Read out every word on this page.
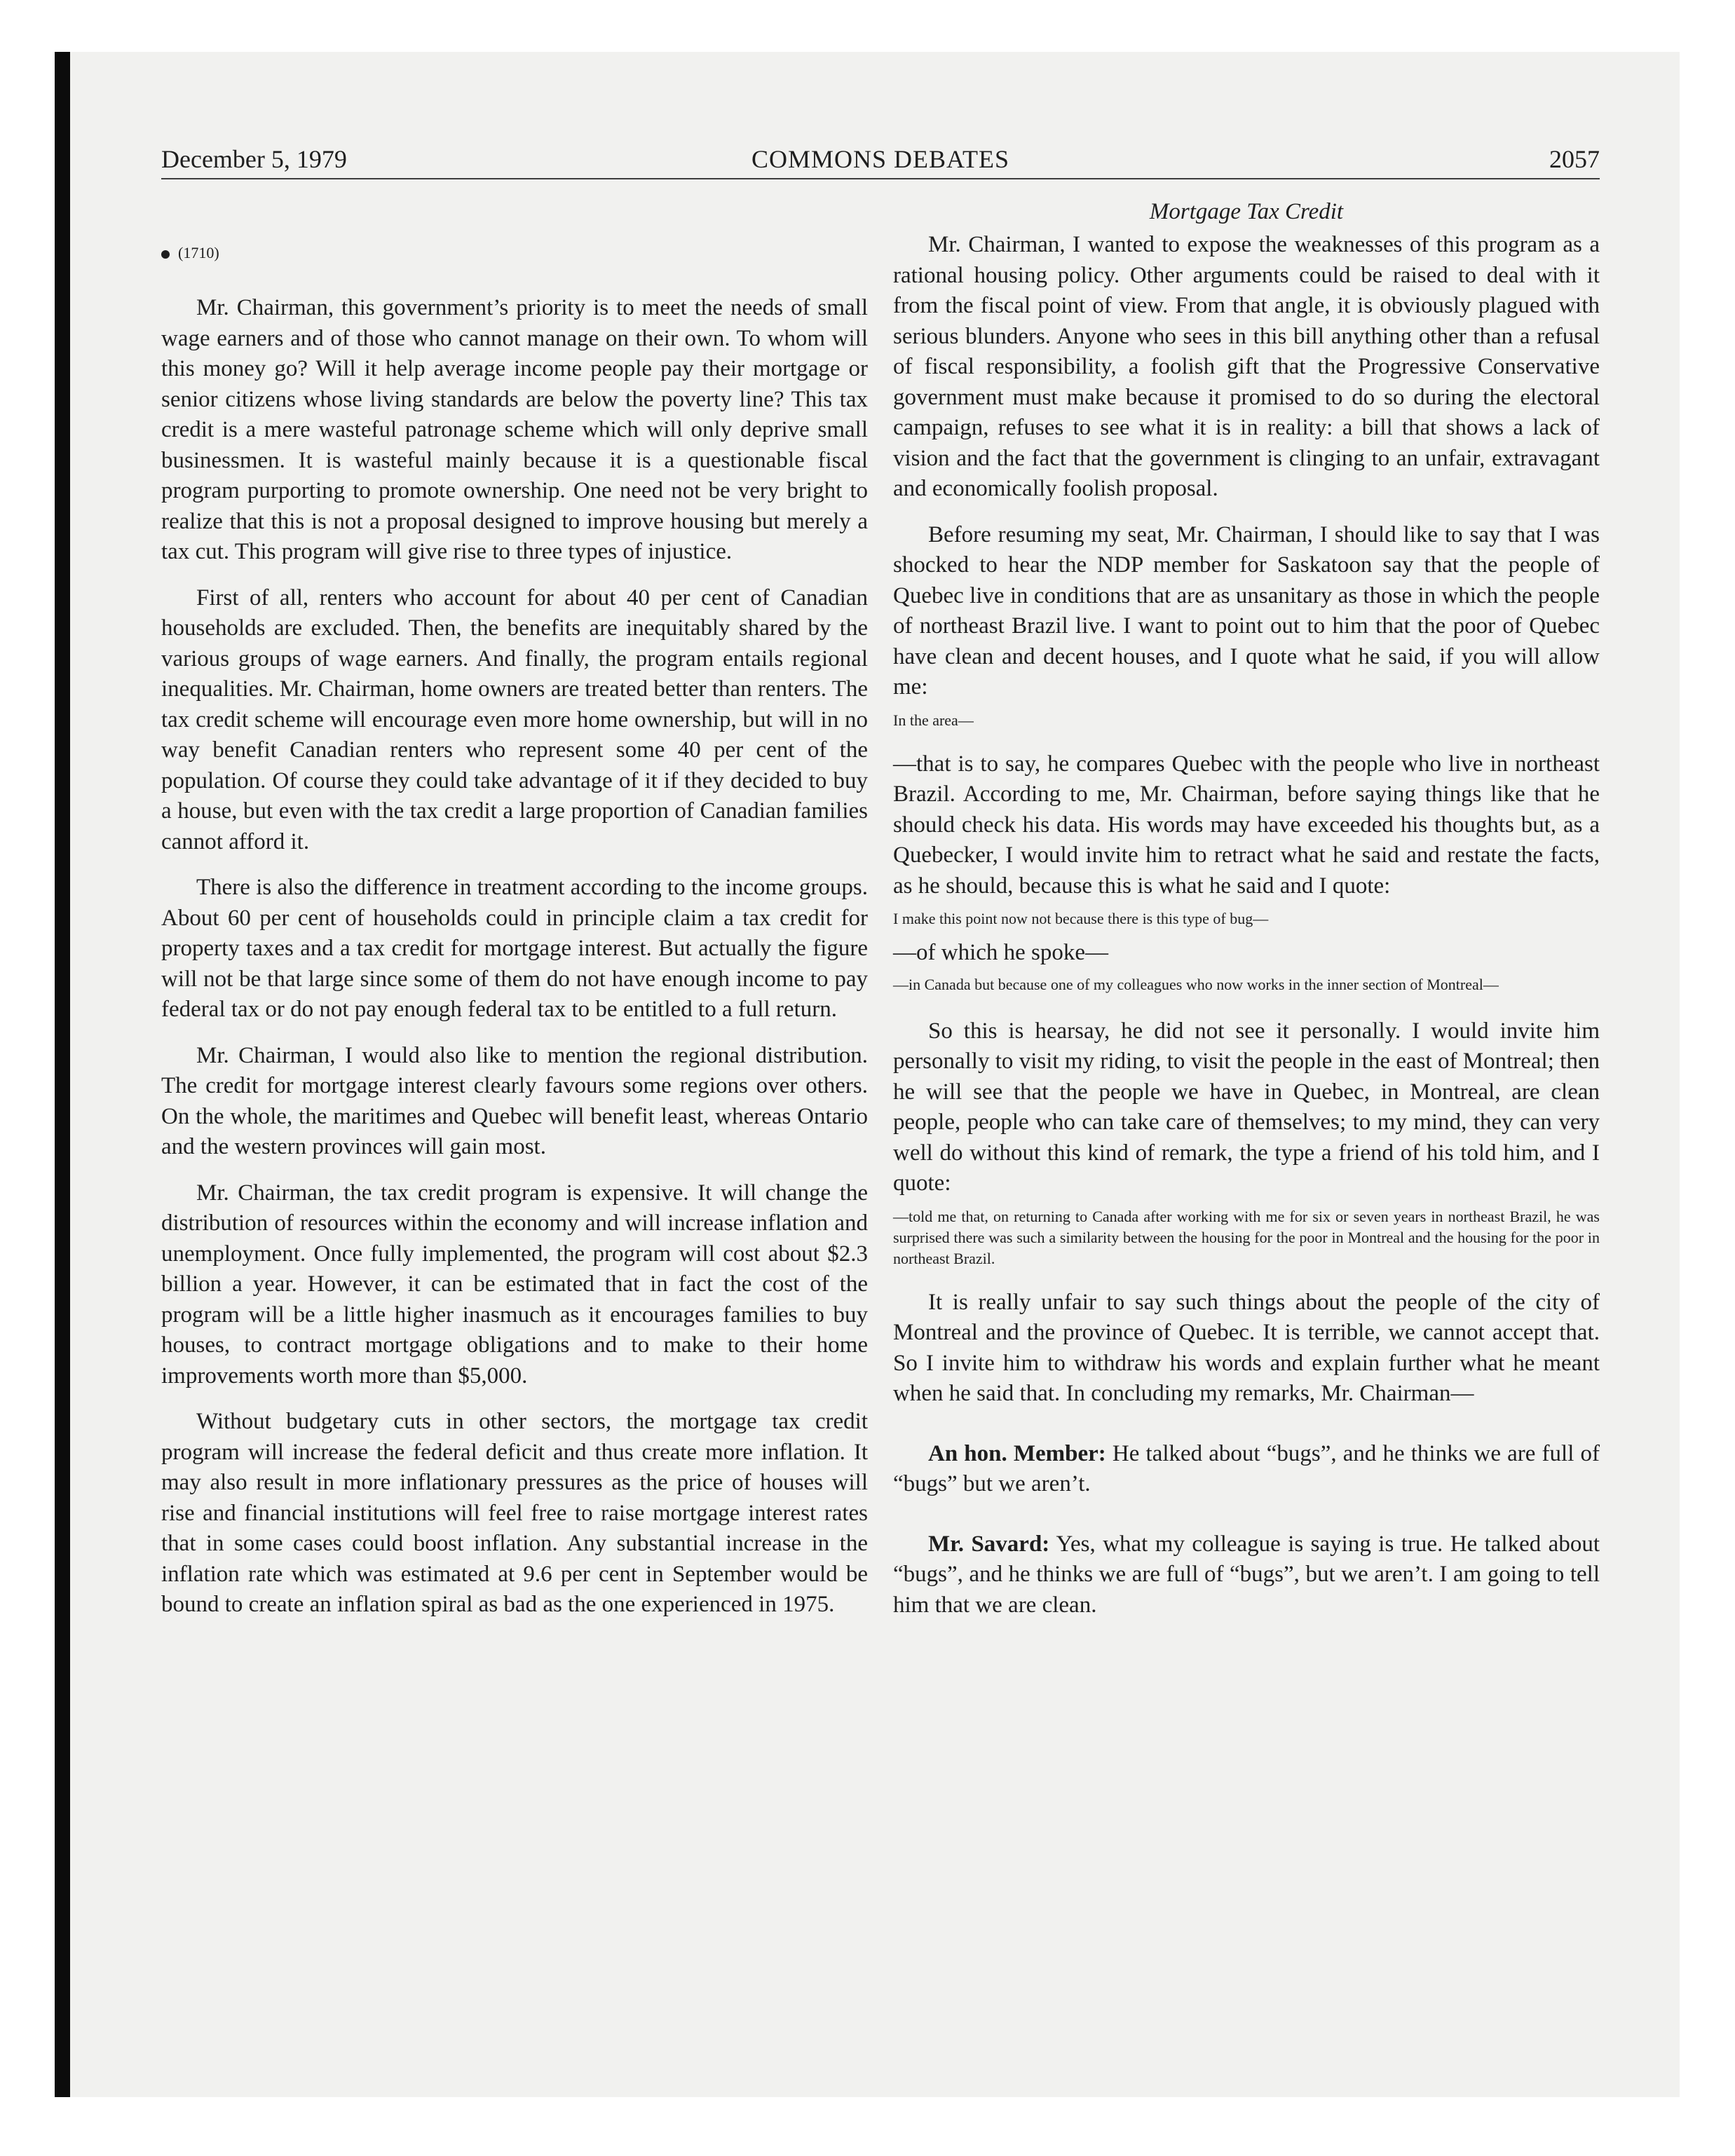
December 5, 1979	COMMONS DEBATES	2057
(1710)

Mr. Chairman, this government’s priority is to meet the needs of small wage earners and of those who cannot manage on their own. To whom will this money go? Will it help average income people pay their mortgage or senior citizens whose living standards are below the poverty line? This tax credit is a mere wasteful patronage scheme which will only deprive small businessmen. It is wasteful mainly because it is a questionable fiscal program purporting to promote ownership. One need not be very bright to realize that this is not a proposal designed to improve housing but merely a tax cut. This program will give rise to three types of injustice.

First of all, renters who account for about 40 per cent of Canadian households are excluded. Then, the benefits are inequitably shared by the various groups of wage earners. And finally, the program entails regional inequalities. Mr. Chairman, home owners are treated better than renters. The tax credit scheme will encourage even more home ownership, but will in no way benefit Canadian renters who represent some 40 per cent of the population. Of course they could take advantage of it if they decided to buy a house, but even with the tax credit a large proportion of Canadian families cannot afford it.

There is also the difference in treatment according to the income groups. About 60 per cent of households could in principle claim a tax credit for property taxes and a tax credit for mortgage interest. But actually the figure will not be that large since some of them do not have enough income to pay federal tax or do not pay enough federal tax to be entitled to a full return.

Mr. Chairman, I would also like to mention the regional distribution. The credit for mortgage interest clearly favours some regions over others. On the whole, the maritimes and Quebec will benefit least, whereas Ontario and the western provinces will gain most.

Mr. Chairman, the tax credit program is expensive. It will change the distribution of resources within the economy and will increase inflation and unemployment. Once fully implemented, the program will cost about $2.3 billion a year. However, it can be estimated that in fact the cost of the program will be a little higher inasmuch as it encourages families to buy houses, to contract mortgage obligations and to make to their home improvements worth more than $5,000.

Without budgetary cuts in other sectors, the mortgage tax credit program will increase the federal deficit and thus create more inflation. It may also result in more inflationary pressures as the price of houses will rise and financial institutions will feel free to raise mortgage interest rates that in some cases could boost inflation. Any substantial increase in the inflation rate which was estimated at 9.6 per cent in September would be bound to create an inflation spiral as bad as the one experienced in 1975.

Mortgage Tax Credit

Mr. Chairman, I wanted to expose the weaknesses of this program as a rational housing policy. Other arguments could be raised to deal with it from the fiscal point of view. From that angle, it is obviously plagued with serious blunders. Anyone who sees in this bill anything other than a refusal of fiscal responsibility, a foolish gift that the Progressive Conservative government must make because it promised to do so during the electoral campaign, refuses to see what it is in reality: a bill that shows a lack of vision and the fact that the government is clinging to an unfair, extravagant and economically foolish proposal.

Before resuming my seat, Mr. Chairman, I should like to say that I was shocked to hear the NDP member for Saskatoon say that the people of Quebec live in conditions that are as unsanitary as those in which the people of northeast Brazil live. I want to point out to him that the poor of Quebec have clean and decent houses, and I quote what he said, if you will allow me:

In the area—

—that is to say, he compares Quebec with the people who live in northeast Brazil. According to me, Mr. Chairman, before saying things like that he should check his data. His words may have exceeded his thoughts but, as a Quebecker, I would invite him to retract what he said and restate the facts, as he should, because this is what he said and I quote:

I make this point now not because there is this type of bug—

—of which he spoke—

—in Canada but because one of my colleagues who now works in the inner section of Montreal—

So this is hearsay, he did not see it personally. I would invite him personally to visit my riding, to visit the people in the east of Montreal; then he will see that the people we have in Quebec, in Montreal, are clean people, people who can take care of themselves; to my mind, they can very well do without this kind of remark, the type a friend of his told him, and I quote:

—told me that, on returning to Canada after working with me for six or seven years in northeast Brazil, he was surprised there was such a similarity between the housing for the poor in Montreal and the housing for the poor in northeast Brazil.

It is really unfair to say such things about the people of the city of Montreal and the province of Quebec. It is terrible, we cannot accept that. So I invite him to withdraw his words and explain further what he meant when he said that. In concluding my remarks, Mr. Chairman—

An hon. Member: He talked about “bugs”, and he thinks we are full of “bugs” but we aren’t.

Mr. Savard: Yes, what my colleague is saying is true. He talked about “bugs”, and he thinks we are full of “bugs”, but we aren’t. I am going to tell him that we are clean.
